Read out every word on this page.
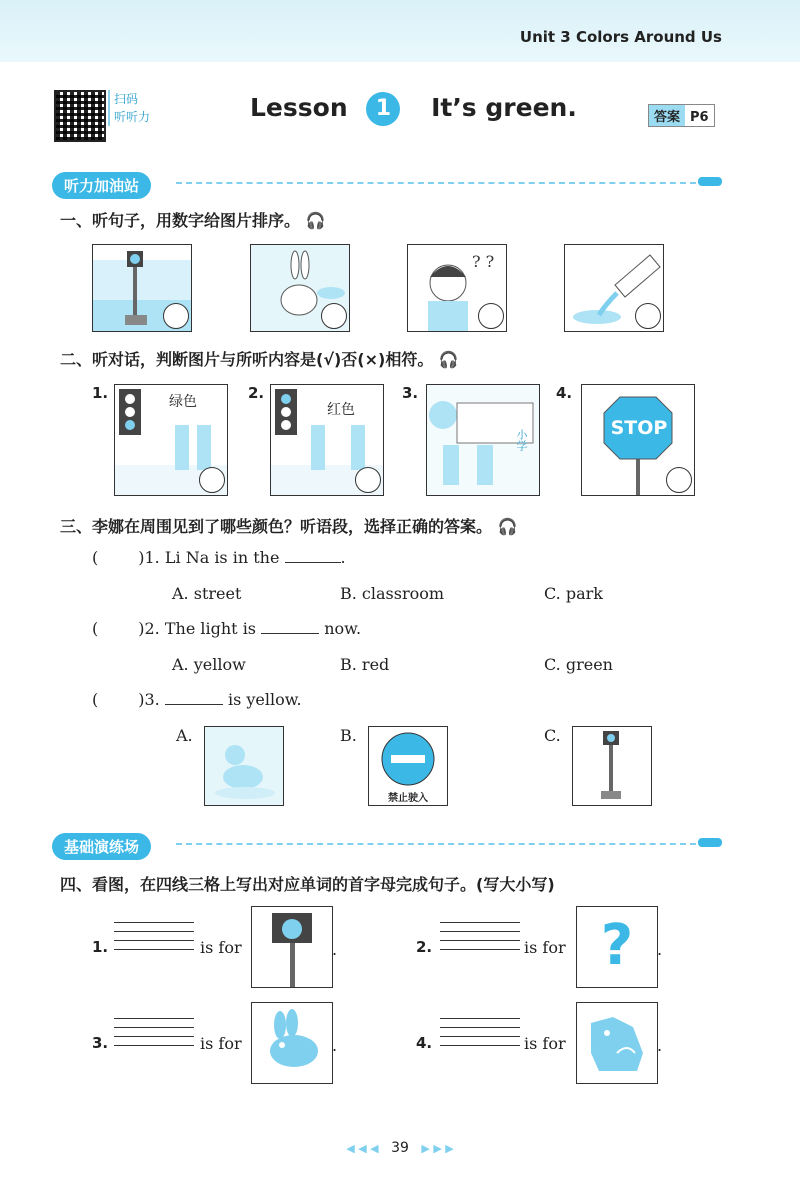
Unit 3 Colors Around Us
扫码
听听力	Lesson 1 It’s green.	答案 P6
听力加油站
一、听句子，用数字给图片排序。 🎧
? ?
二、听对话，判断图片与所听内容是(√)否(×)相符。 🎧
1.	绿色	2.
红色
3.
小学
4.
STOP
三、李娜在周围见到了哪些颜色？听语段，选择正确的答案。 🎧
(	)1. Li Na is in the	.
A. street	B. classroom	C. park
(	)2. The light is	now.
A. yellow	B. red	C. green
(	)3.	is yellow.
A.	B.
禁止驶入
C.
基础演练场
四、看图，在四线三格上写出对应单词的首字母完成句子。(写大小写)
1.	is for	.	2.	is for ?	.
3.	is for	.	4.	is for	.
◀ ◀ ◀ 39 ▶ ▶ ▶
